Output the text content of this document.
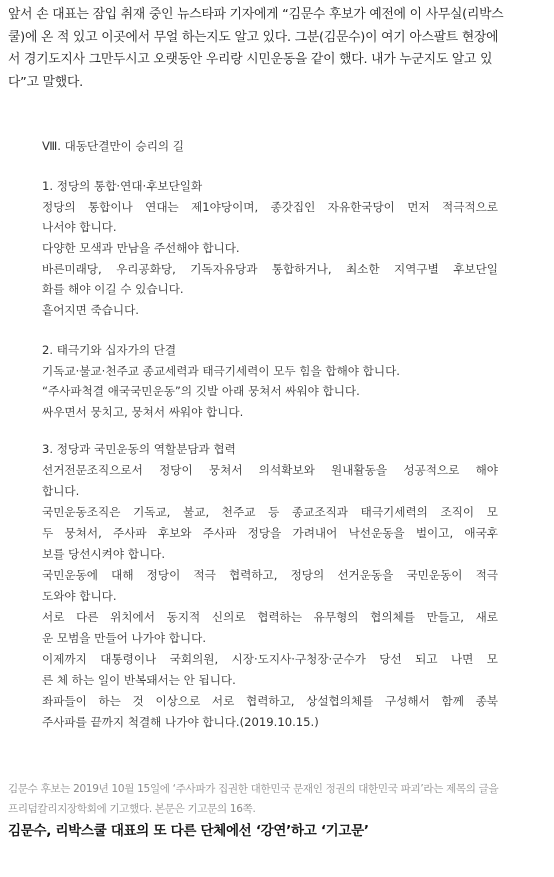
앞서 손 대표는 잠입 취재 중인 뉴스타파 기자에게 “김문수 후보가 예전에 이 사무실(리박스

쿨)에 온 적 있고 이곳에서 무얼 하는지도 알고 있다. 그분(김문수)이 여기 아스팔트 현장에

서 경기도지사 그만두시고 오랫동안 우리랑 시민운동을 같이 했다. 내가 누군지도 알고 있

다”고 말했다.

Ⅷ. 대동단결만이 승리의 길
1. 정당의 통합·연대·후보단일화
정당의 통합이나 연대는 제1야당이며, 종갓집인 자유한국당이 먼저 적극적으로
나서야 합니다.
다양한 모색과 만남을 주선해야 합니다.
바른미래당, 우리공화당, 기독자유당과 통합하거나, 최소한 지역구별 후보단일
화를 해야 이길 수 있습니다.
흩어지면 죽습니다.
2. 태극기와 십자가의 단결
기독교·불교·천주교 종교세력과 태극기세력이 모두 힘을 합해야 합니다.
“주사파척결 애국국민운동”의 깃발 아래 뭉쳐서 싸워야 합니다.
싸우면서 뭉치고, 뭉쳐서 싸워야 합니다.
3. 정당과 국민운동의 역할분담과 협력
선거전문조직으로서 정당이 뭉쳐서 의석확보와 원내활동을 성공적으로 해야
합니다.
국민운동조직은 기독교, 불교, 천주교 등 종교조직과 태극기세력의 조직이 모
두 뭉쳐서, 주사파 후보와 주사파 정당을 가려내어 낙선운동을 벌이고, 애국후
보를 당선시켜야 합니다.
국민운동에 대해 정당이 적극 협력하고, 정당의 선거운동을 국민운동이 적극
도와야 합니다.
서로 다른 위치에서 동지적 신의로 협력하는 유무형의 협의체를 만들고, 새로
운 모범을 만들어 나가야 합니다.
이제까지 대통령이나 국회의원, 시장·도지사·구청장·군수가 당선 되고 나면 모
른 체 하는 일이 반복돼서는 안 됩니다.
좌파들이 하는 것 이상으로 서로 협력하고, 상설협의체를 구성해서 함께 종북
주사파를 끝까지 척결해 나가야 합니다.(2019.10.15.)

김문수 후보는 2019년 10월 15일에 ‘주사파가 집권한 대한민국 문재인 정권의 대한민국 파괴’라는 제목의 글을

프리덤칼리지장학회에 기고했다. 본문은 기고문의 16쪽.

김문수, 리박스쿨 대표의 또 다른 단체에선 ‘강연’하고 ‘기고문’
